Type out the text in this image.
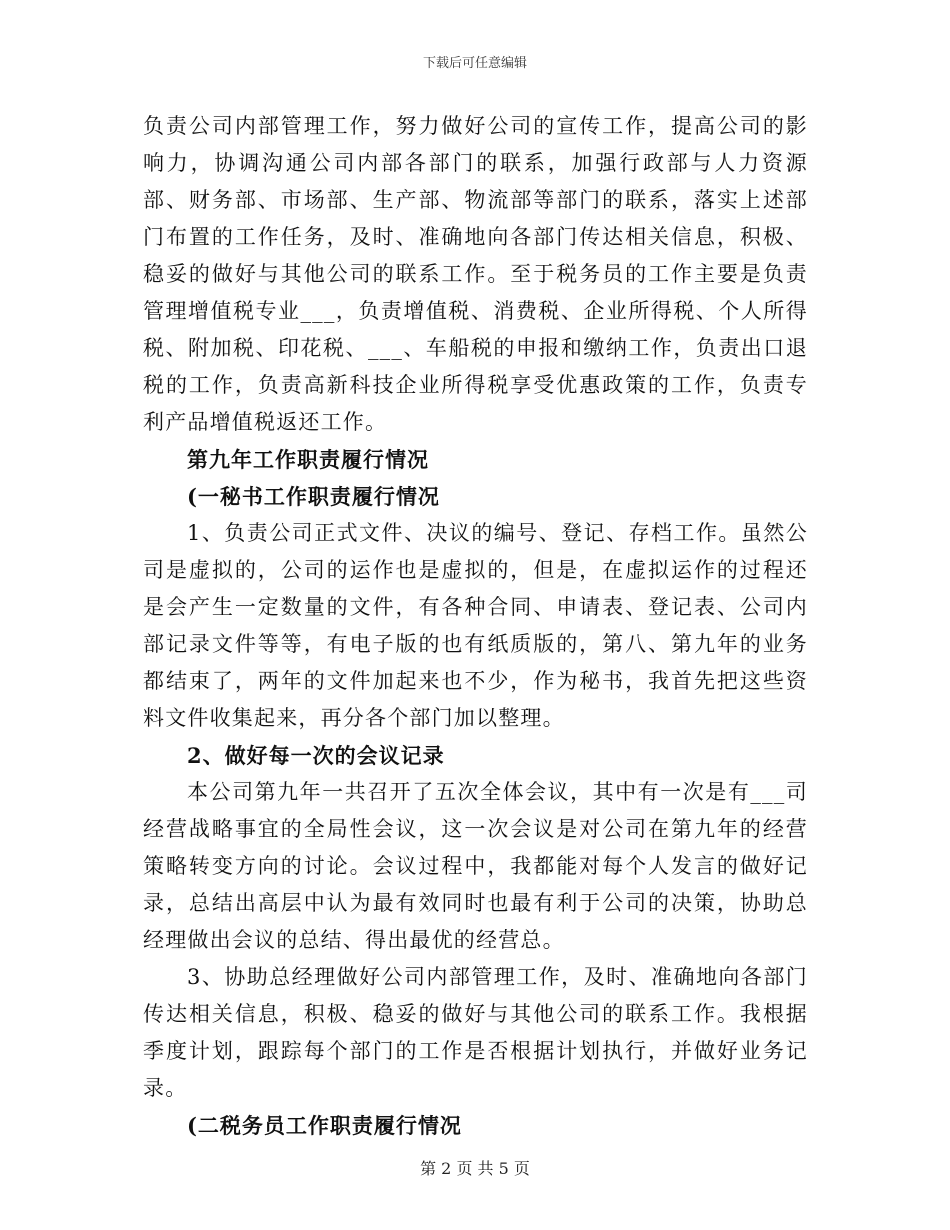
下载后可任意编辑

负责公司内部管理工作，努力做好公司的宣传工作，提高公司的影响力，协调沟通公司内部各部门的联系，加强行政部与人力资源部、财务部、市场部、生产部、物流部等部门的联系，落实上述部门布置的工作任务，及时、准确地向各部门传达相关信息，积极、稳妥的做好与其他公司的联系工作。至于税务员的工作主要是负责管理增值税专业___，负责增值税、消费税、企业所得税、个人所得税、附加税、印花税、___、车船税的申报和缴纳工作，负责出口退税的工作，负责高新科技企业所得税享受优惠政策的工作，负责专利产品增值税返还工作。

第九年工作职责履行情况

(一秘书工作职责履行情况

1、负责公司正式文件、决议的编号、登记、存档工作。虽然公司是虚拟的，公司的运作也是虚拟的，但是，在虚拟运作的过程还是会产生一定数量的文件，有各种合同、申请表、登记表、公司内部记录文件等等，有电子版的也有纸质版的，第八、第九年的业务都结束了，两年的文件加起来也不少，作为秘书，我首先把这些资料文件收集起来，再分各个部门加以整理。

2、做好每一次的会议记录

本公司第九年一共召开了五次全体会议，其中有一次是有___司经营战略事宜的全局性会议，这一次会议是对公司在第九年的经营策略转变方向的讨论。会议过程中，我都能对每个人发言的做好记录，总结出高层中认为最有效同时也最有利于公司的决策，协助总经理做出会议的总结、得出最优的经营总。

3、协助总经理做好公司内部管理工作，及时、准确地向各部门传达相关信息，积极、稳妥的做好与其他公司的联系工作。我根据季度计划，跟踪每个部门的工作是否根据计划执行，并做好业务记录。

(二税务员工作职责履行情况

第 2 页 共 5 页
